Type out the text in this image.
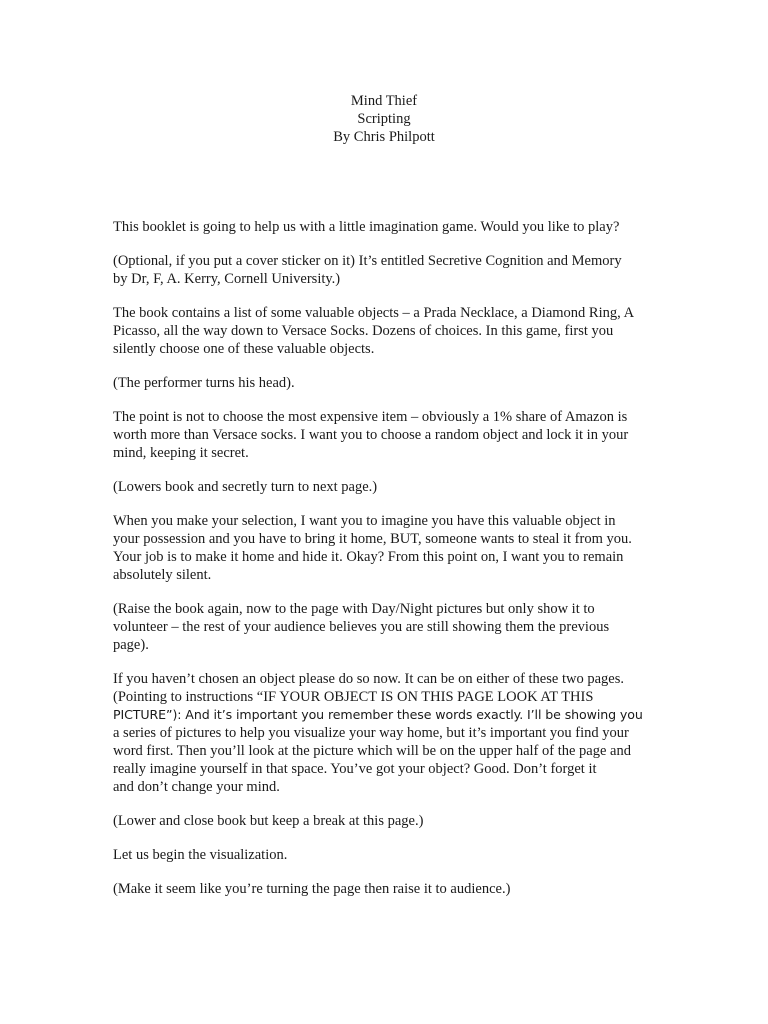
Mind Thief
Scripting
By Chris Philpott
This booklet is going to help us with a little imagination game. Would you like to play?
(Optional, if you put a cover sticker on it) It’s entitled Secretive Cognition and Memory
by Dr, F, A. Kerry, Cornell University.)
The book contains a list of some valuable objects – a Prada Necklace, a Diamond Ring, A
Picasso, all the way down to Versace Socks. Dozens of choices. In this game, first you
silently choose one of these valuable objects.
(The performer turns his head).
The point is not to choose the most expensive item – obviously a 1% share of Amazon is
worth more than Versace socks. I want you to choose a random object and lock it in your
mind, keeping it secret.
(Lowers book and secretly turn to next page.)
When you make your selection, I want you to imagine you have this valuable object in
your possession and you have to bring it home, BUT, someone wants to steal it from you.
Your job is to make it home and hide it. Okay? From this point on, I want you to remain
absolutely silent.
(Raise the book again, now to the page with Day/Night pictures but only show it to
volunteer – the rest of your audience believes you are still showing them the previous
page).
If you haven’t chosen an object please do so now. It can be on either of these two pages.
(Pointing to instructions “IF YOUR OBJECT IS ON THIS PAGE LOOK AT THIS
PICTURE”): And it’s important you remember these words exactly. I’ll be showing you
a series of pictures to help you visualize your way home, but it’s important you find your
word first. Then you’ll look at the picture which will be on the upper half of the page and
really imagine yourself in that space. You’ve got your object? Good. Don’t forget it
and don’t change your mind.
(Lower and close book but keep a break at this page.)
Let us begin the visualization.
(Make it seem like you’re turning the page then raise it to audience.)
